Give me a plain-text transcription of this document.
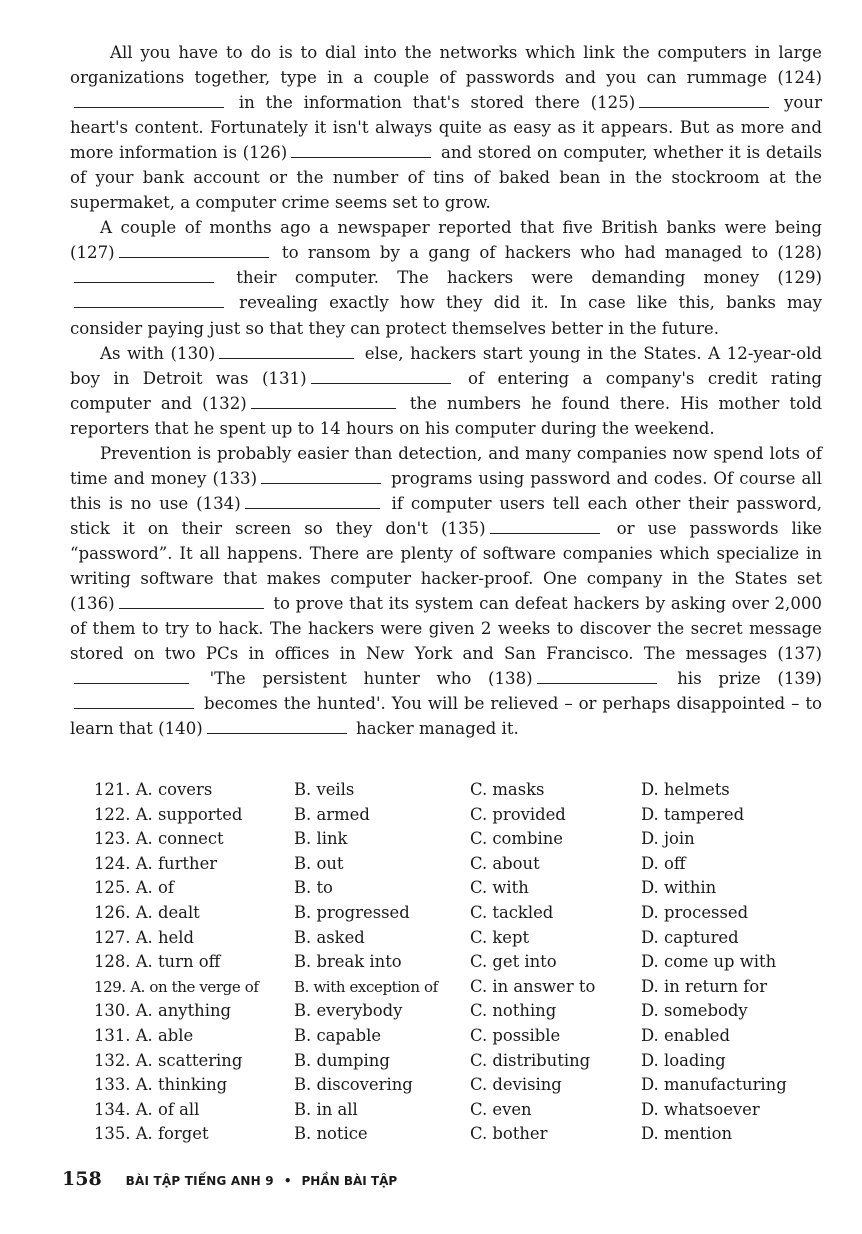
All you have to do is to dial into the networks which link the computers in large organizations together, type in a couple of passwords and you can rummage (124) in the information that's stored there (125)	your heart's content. Fortunately it isn't always quite as easy as it appears. But as more and more information is (126)	and stored on computer, whether it is details of your bank account or the number of tins of baked bean in the stockroom at the supermaket, a computer crime seems set to grow.

A couple of months ago a newspaper reported that five British banks were being (127)	to ransom by a gang of hackers who had managed to (128) their computer. The hackers were demanding money (129) revealing exactly how they did it. In case like this, banks may consider paying just so that they can protect themselves better in the future.

As with (130)	else, hackers start young in the States. A 12-year-old boy in Detroit was (131)	of entering a company's credit rating computer and (132)	the numbers he found there. His mother told reporters that he spent up to 14 hours on his computer during the weekend.

Prevention is probably easier than detection, and many companies now spend lots of time and money (133)	programs using password and codes. Of course all this is no use (134)	if computer users tell each other their password, stick it on their screen so they don't (135)	or use passwords like “password”. It all happens. There are plenty of software companies which specialize in writing software that makes computer hacker-proof. One company in the States set (136)	to prove that its system can defeat hackers by asking over 2,000 of them to try to hack. The hackers were given 2 weeks to discover the secret message stored on two PCs in offices in New York and San Francisco. The messages (137) 'The persistent hunter who (138)	his prize (139) becomes the hunted'. You will be relieved – or perhaps disappointed – to learn that (140)	hacker managed it.

121. A. covers	B. veils	C. masks	D. helmets
122. A. supported	B. armed	C. provided	D. tampered
123. A. connect	B. link	C. combine	D. join
124. A. further	B. out	C. about	D. off
125. A. of	B. to	C. with	D. within
126. A. dealt	B. progressed	C. tackled	D. processed
127. A. held	B. asked	C. kept	D. captured
128. A. turn off	B. break into	C. get into	D. come up with
129. A. on the verge of	B. with exception of	C. in answer to	D. in return for
130. A. anything	B. everybody	C. nothing	D. somebody
131. A. able	B. capable	C. possible	D. enabled
132. A. scattering	B. dumping	C. distributing	D. loading
133. A. thinking	B. discovering	C. devising	D. manufacturing
134. A. of all	B. in all	C. even	D. whatsoever
135. A. forget	B. notice	C. bother	D. mention
158 BÀI TẬP TIẾNG ANH 9 • PHẦN BÀI TẬP
